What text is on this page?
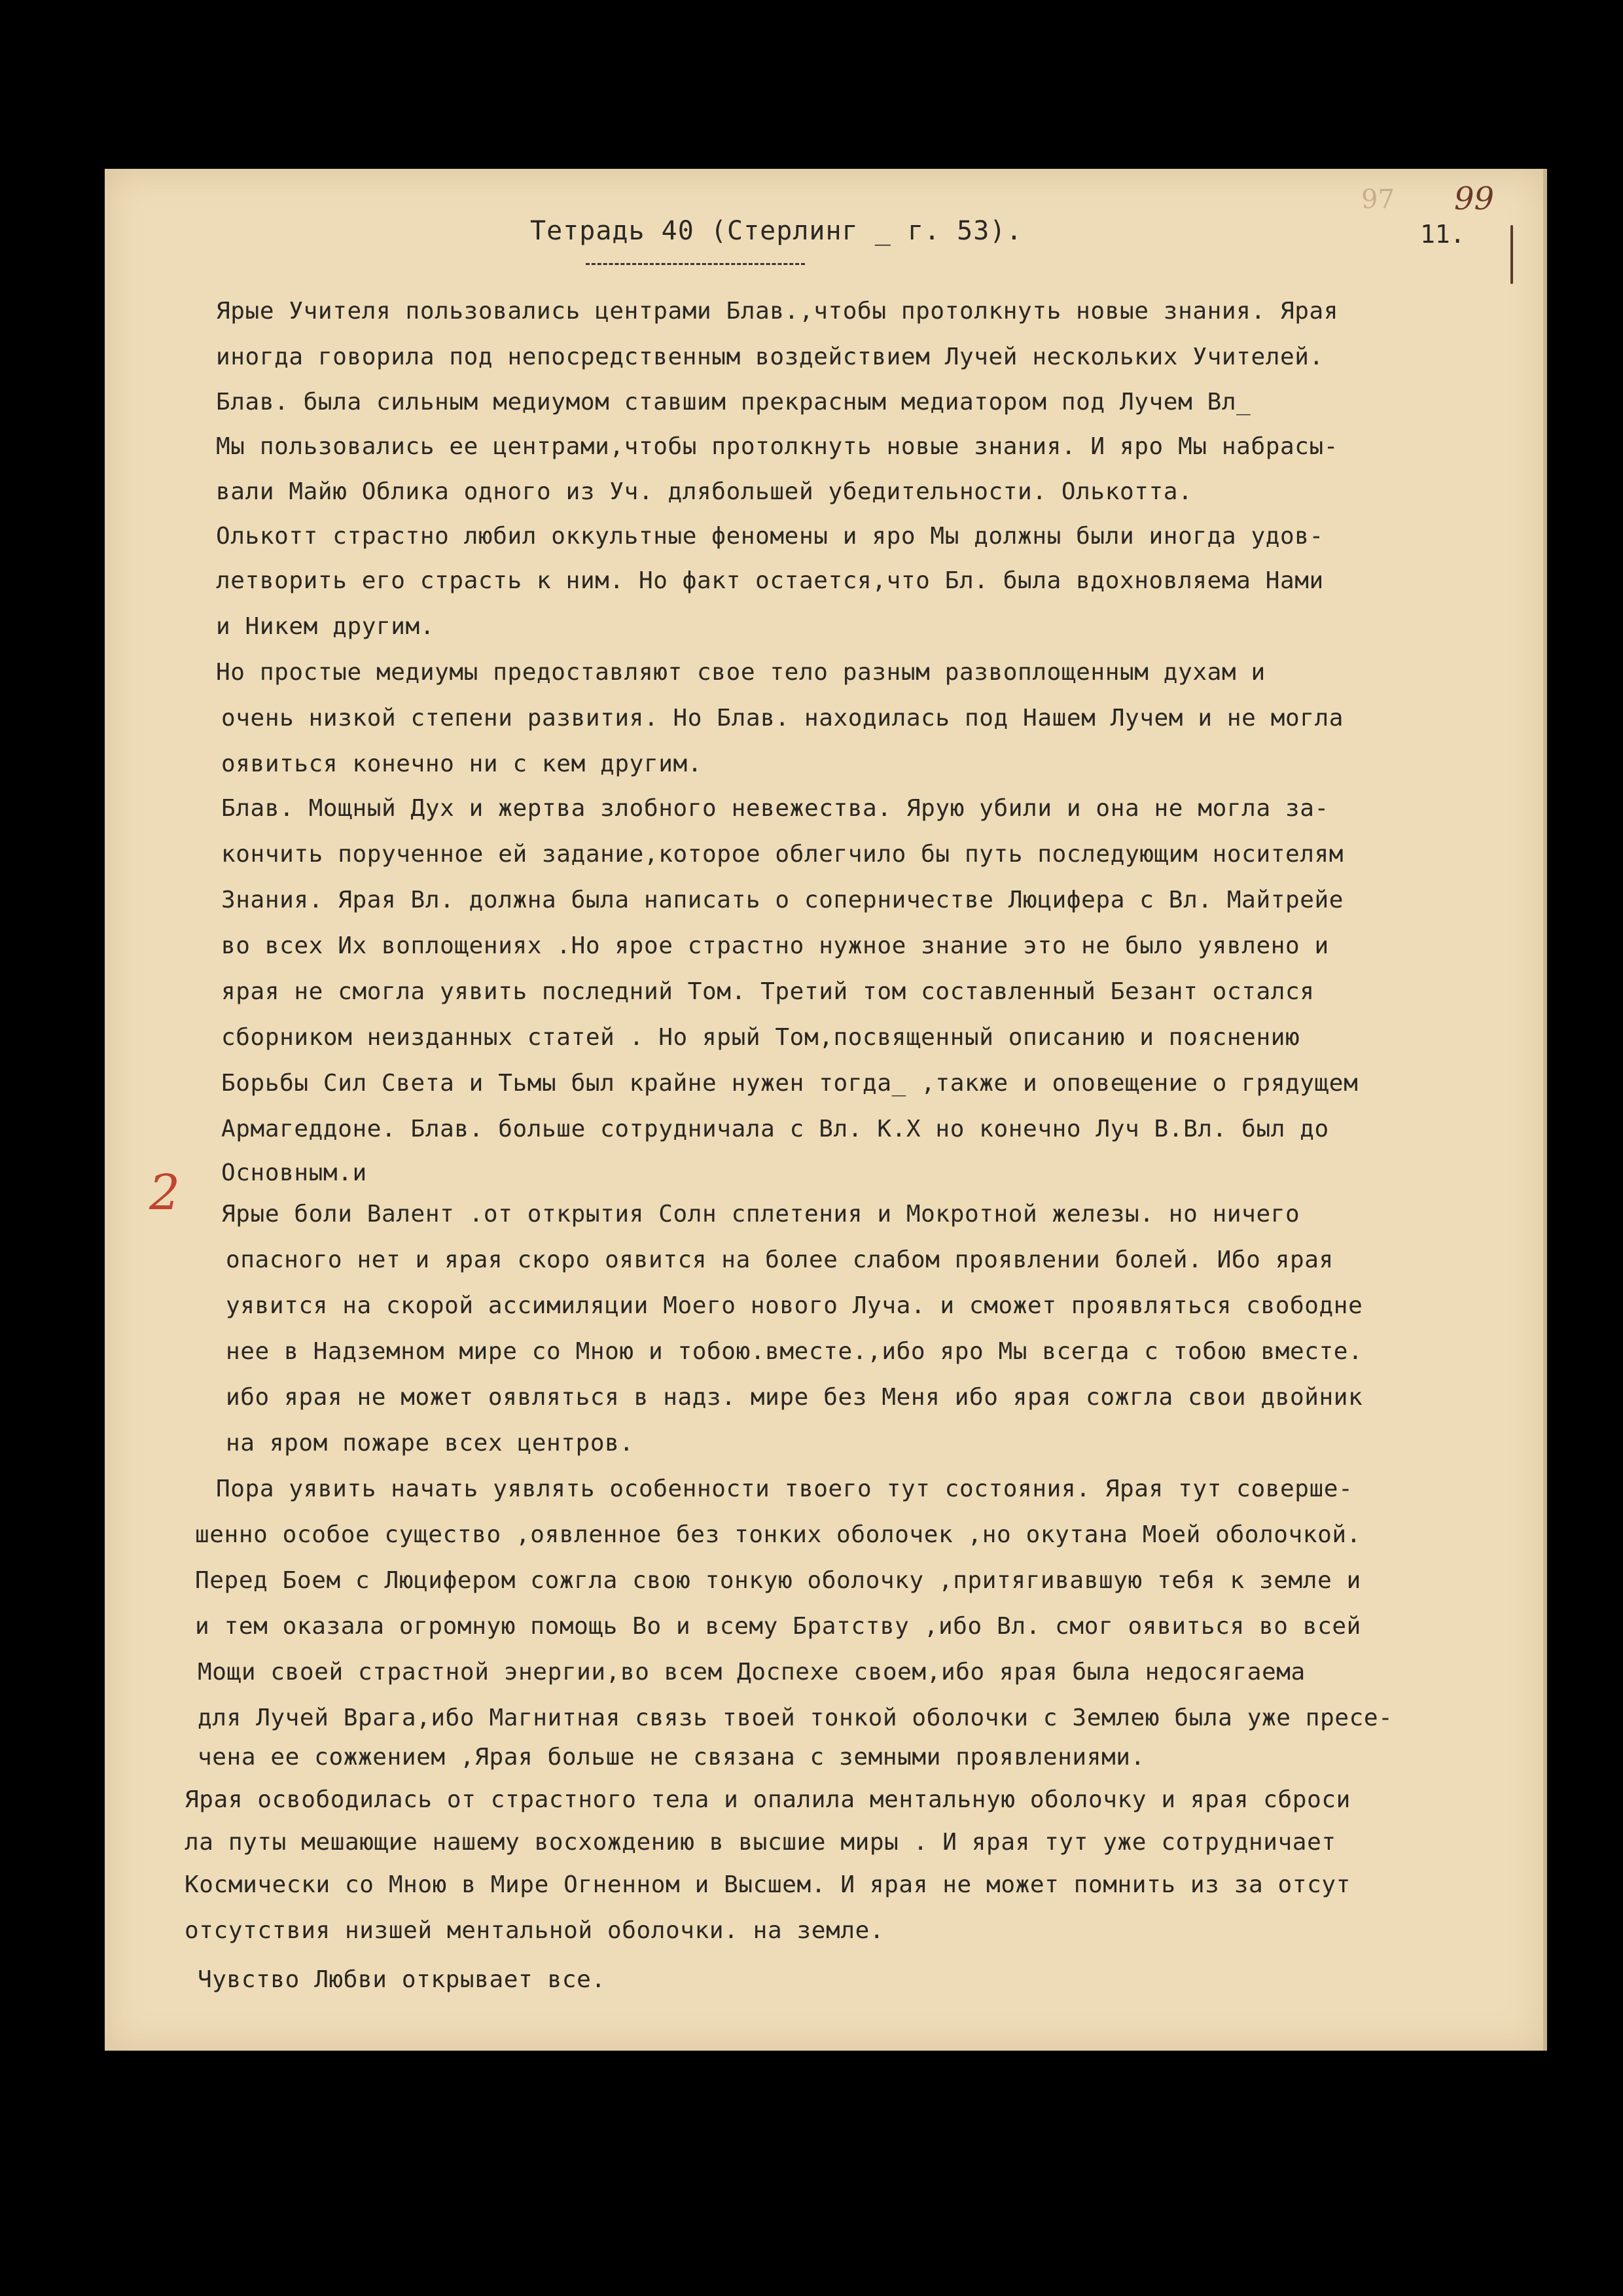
Тетрадь 40 (Стерлинг _ г. 53).
97 99
11.
Ярые Учителя пользовались центрами Блав.,чтобы протолкнуть новые знания. Ярая
иногда говорила под непосредственным воздействием Лучей нескольких Учителей.
Блав. была сильным медиумом ставшим прекрасным медиатором под Лучем Вл_
Мы пользовались ее центрами,чтобы протолкнуть новые знания. И яро Мы набрасы-
вали Майю Облика одного из Уч. длябольшей убедительности. Олькотта.
Олькотт страстно любил оккультные феномены и яро Мы должны были иногда удов-
летворить его страсть к ним. Но факт остается,что Бл. была вдохновляема Нами
и Никем другим.
Но простые медиумы предоставляют свое тело разным развоплощенным духам и
очень низкой степени развития. Но Блав. находилась под Нашем Лучем и не могла
оявиться конечно ни с кем другим.
Блав. Мощный Дух и жертва злобного невежества. Ярую убили и она не могла за-
кончить порученное ей задание,которое облегчило бы путь последующим носителям
Знания. Ярая Вл. должна была написать о соперничестве Люцифера с Вл. Майтрейе
во всех Их воплощениях .Но ярое страстно нужное знание это не было уявлено и
ярая не смогла уявить последний Том. Третий том составленный Безант остался
сборником неизданных статей . Но ярый Том,посвященный описанию и пояснению
Борьбы Сил Света и Тьмы был крайне нужен тогда_ ,также и оповещение о грядущем
Армагеддоне. Блав. больше сотрудничала с Вл. К.Х но конечно Луч В.Вл. был до
Основным.и
Ярые боли Валент .от открытия Солн сплетения и Мокротной железы. но ничего
опасного нет и ярая скоро оявится на более слабом проявлении болей. Ибо ярая
уявится на скорой ассимиляции Моего нового Луча. и сможет проявляться свободне
нее в Надземном мире со Мною и тобою.вместе.,ибо яро Мы всегда с тобою вместе.
ибо ярая не может оявляться в надз. мире без Меня ибо ярая сожгла свои двойник
на яром пожаре всех центров.
Пора уявить начать уявлять особенности твоего тут состояния. Ярая тут соверше-
шенно особое существо ,оявленное без тонких оболочек ,но окутана Моей оболочкой.
Перед Боем с Люцифером сожгла свою тонкую оболочку ,притягивавшую тебя к земле и
и тем оказала огромную помощь Во и всему Братству ,ибо Вл. смог оявиться во всей
Мощи своей страстной энергии,во всем Доспехе своем,ибо ярая была недосягаема
для Лучей Врага,ибо Магнитная связь твоей тонкой оболочки с Землею была уже пресе-
чена ее сожжением ,Ярая больше не связана с земными проявлениями.
Ярая освободилась от страстного тела и опалила ментальную оболочку и ярая сброси
ла путы мешающие нашему восхождению в высшие миры . И ярая тут уже сотрудничает
Космически со Мною в Мире Огненном и Высшем. И ярая не может помнить из за отсут
отсутствия низшей ментальной оболочки. на земле.
Чувство Любви открывает все.
2
